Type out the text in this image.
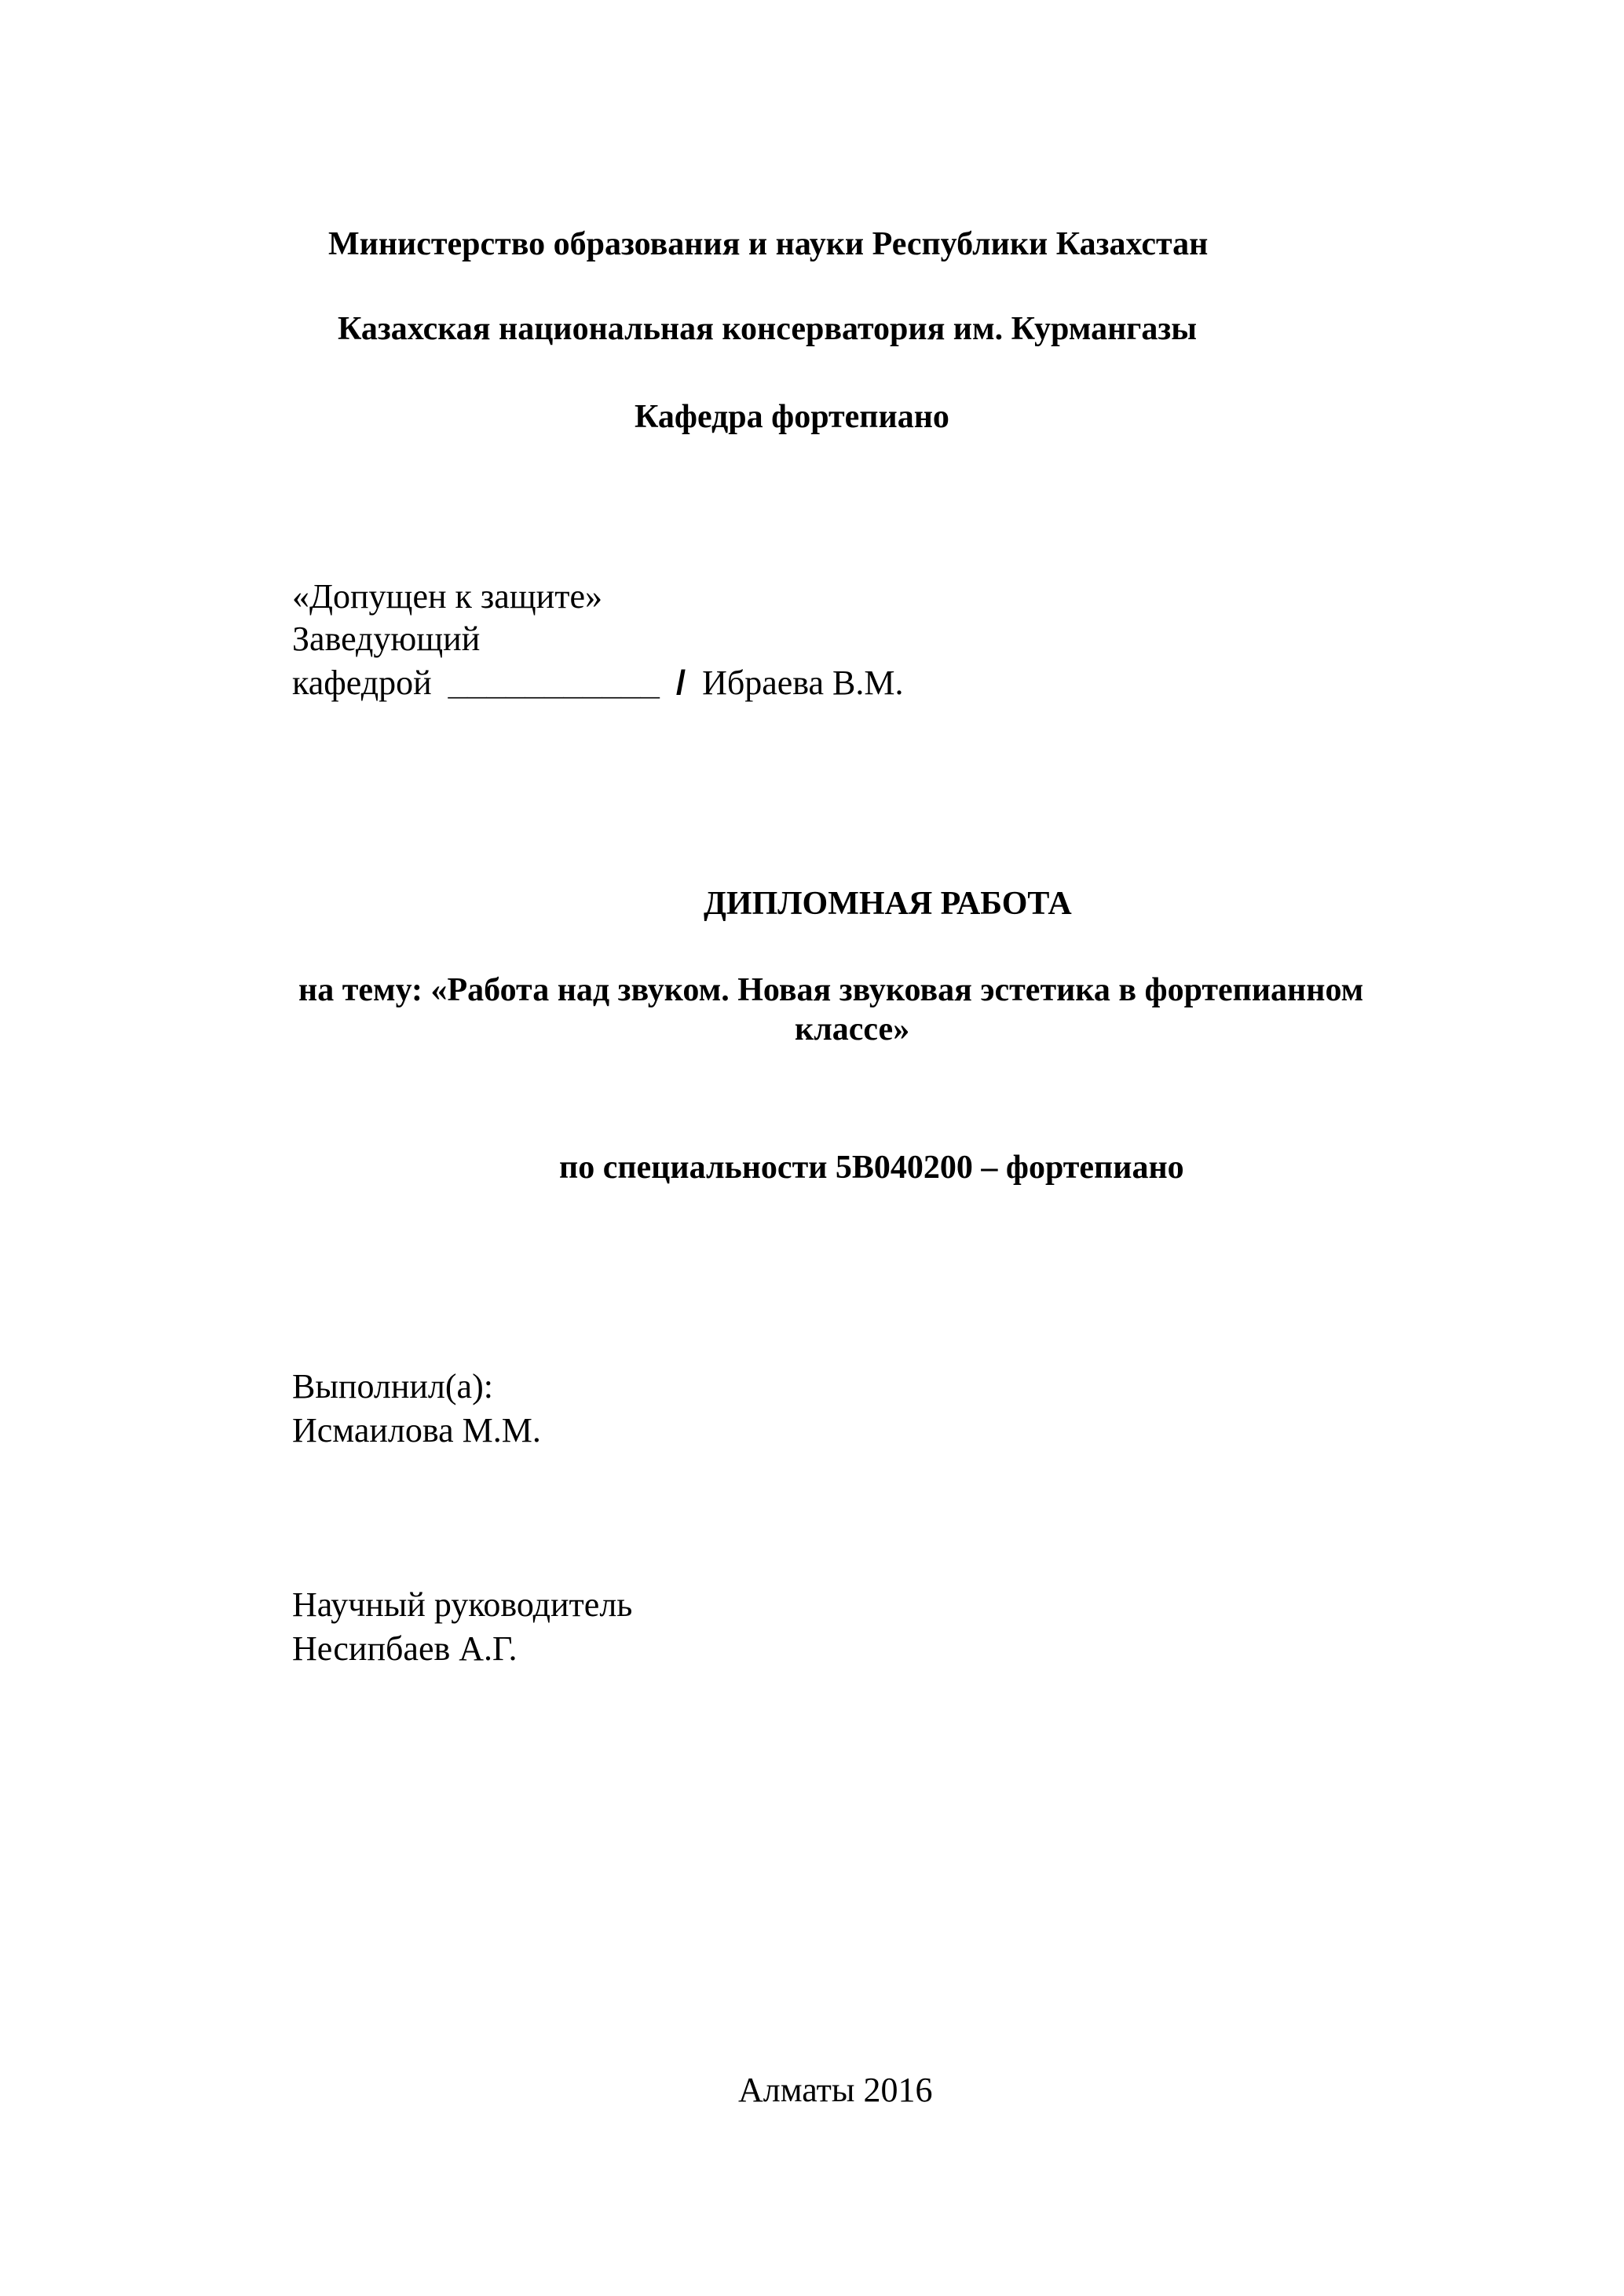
Министерство образования и науки Республики Казахстан
Казахская национальная консерватория им. Курмангазы
Кафедра фортепиано
«Допущен к защите»
Заведующий
кафедрой ___________ / Ибраева В.М.
ДИПЛОМНАЯ РАБОТА
на тему: «Работа над звуком. Новая звуковая эстетика в фортепианном
классе»
по специальности 5В040200 – фортепиано
Выполнил(а):
Исмаилова М.М.
Научный руководитель
Несипбаев А.Г.
Алматы 2016
